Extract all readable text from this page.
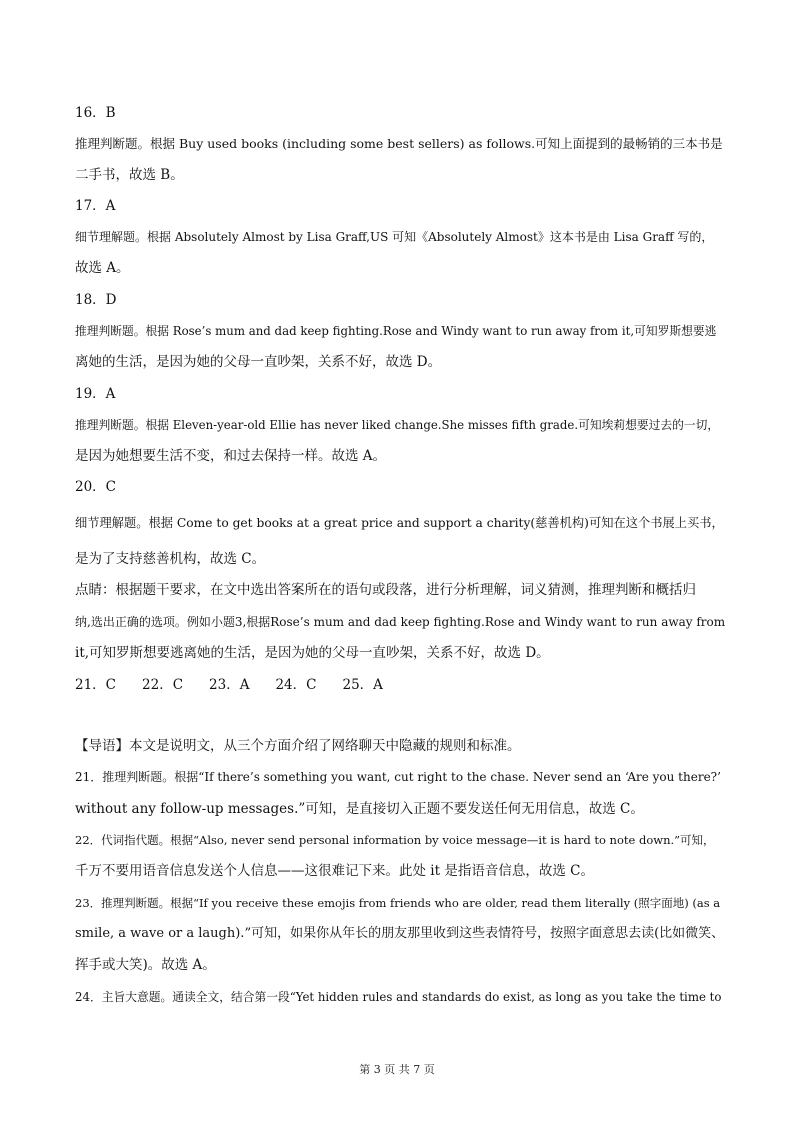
16．B
推理判断题。根据 Buy used books (including some best sellers) as follows.可知上面提到的最畅销的三本书是
二手书，故选 B。
17．A
细节理解题。根据 Absolutely Almost by Lisa Graff,US 可知《Absolutely Almost》这本书是由 Lisa Graff 写的，
故选 A。
18．D
推理判断题。根据 Rose’s mum and dad keep fighting.Rose and Windy want to run away from it,可知罗斯想要逃
离她的生活，是因为她的父母一直吵架，关系不好，故选 D。
19．A
推理判断题。根据 Eleven-year-old Ellie has never liked change.She misses fifth grade.可知埃莉想要过去的一切，
是因为她想要生活不变，和过去保持一样。故选 A。
20．C
细节理解题。根据 Come to get books at a great price and support a charity(慈善机构)可知在这个书展上买书，
是为了支持慈善机构，故选 C。
点睛：根据题干要求，在文中选出答案所在的语句或段落，进行分析理解，词义猜测，推理判断和概括归
纳,选出正确的选项。例如小题3,根据Rose’s mum and dad keep fighting.Rose and Windy want to run away from
it,可知罗斯想要逃离她的生活，是因为她的父母一直吵架，关系不好，故选 D。
21．C 22．C 23．A 24．C 25．A
【导语】本文是说明文，从三个方面介绍了网络聊天中隐藏的规则和标准。
21．推理判断题。根据“If there’s something you want, cut right to the chase. Never send an ‘Are you there?’
without any follow-up messages.”可知，是直接切入正题不要发送任何无用信息，故选 C。
22．代词指代题。根据“Also, never send personal information by voice message—it is hard to note down.”可知，
千万不要用语音信息发送个人信息——这很难记下来。此处 it 是指语音信息，故选 C。
23．推理判断题。根据“If you receive these emojis from friends who are older, read them literally (照字面地) (as a
smile, a wave or a laugh).”可知，如果你从年长的朋友那里收到这些表情符号，按照字面意思去读(比如微笑、
挥手或大笑)。故选 A。
24．主旨大意题。通读全文，结合第一段“Yet hidden rules and standards do exist, as long as you take the time to
第 3 页 共 7 页
